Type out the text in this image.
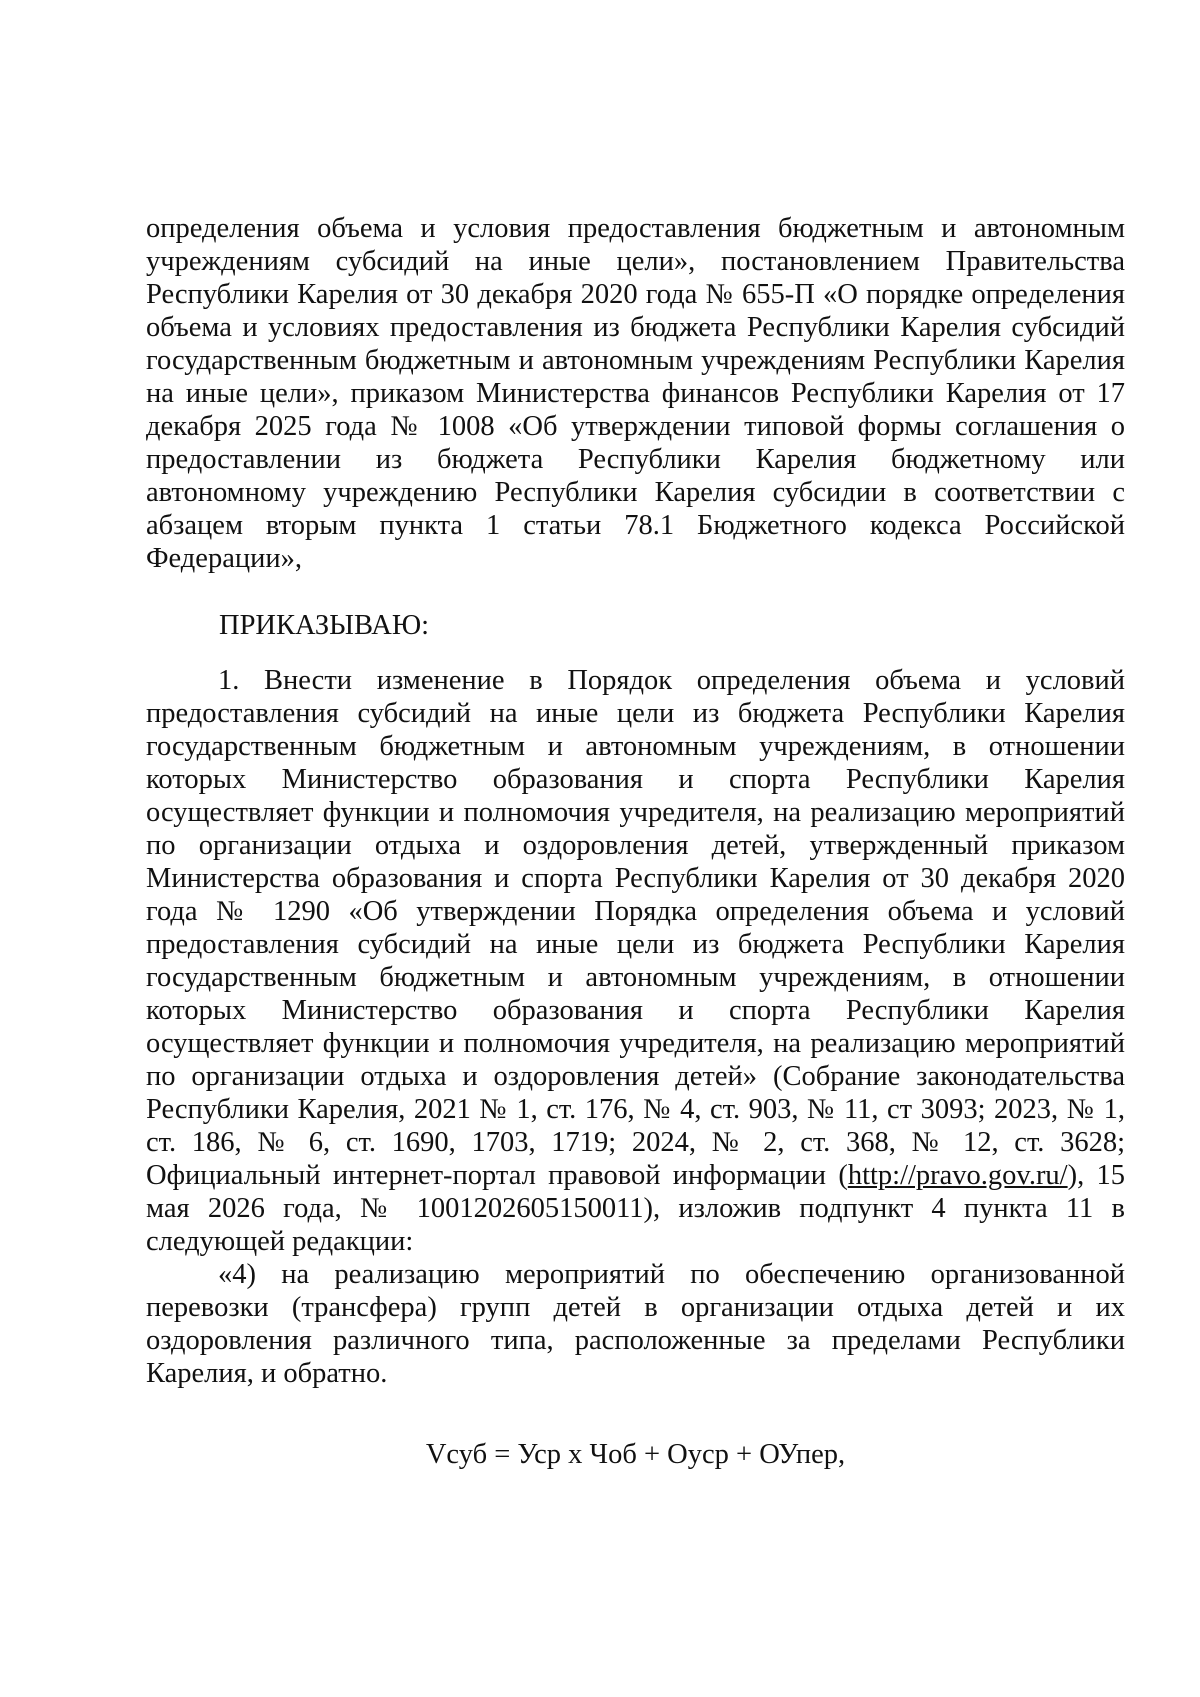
определения объема и условия предоставления бюджетным и автономным учреждениям субсидий на иные цели», постановлением Правительства Республики Карелия от 30 декабря 2020 года № 655-П «О порядке определения объема и условиях предоставления из бюджета Республики Карелия субсидий государственным бюджетным и автономным учреждениям Республики Карелия на иные цели», приказом Министерства финансов Республики Карелия от 17 декабря 2025 года № 1008 «Об утверждении типовой формы соглашения о предоставлении из бюджета Республики Карелия бюджетному или автономному учреждению Республики Карелия субсидии в соответствии с абзацем вторым пункта 1 статьи 78.1 Бюджетного кодекса Российской Федерации»,

ПРИКАЗЫВАЮ:

1. Внести изменение в Порядок определения объема и условий предоставления субсидий на иные цели из бюджета Республики Карелия государственным бюджетным и автономным учреждениям, в отношении которых Министерство образования и спорта Республики Карелия осуществляет функции и полномочия учредителя, на реализацию мероприятий по организации отдыха и оздоровления детей, утвержденный приказом Министерства образования и спорта Республики Карелия от 30 декабря 2020 года № 1290 «Об утверждении Порядка определения объема и условий предоставления субсидий на иные цели из бюджета Республики Карелия государственным бюджетным и автономным учреждениям, в отношении которых Министерство образования и спорта Республики Карелия осуществляет функции и полномочия учредителя, на реализацию мероприятий по организации отдыха и оздоровления детей» (Собрание законодательства Республики Карелия, 2021 № 1, ст. 176, № 4, ст. 903, № 11, ст 3093; 2023, № 1, ст. 186, № 6, ст. 1690, 1703, 1719; 2024, № 2, ст. 368, № 12, ст. 3628; Официальный интернет-портал правовой информации (http://pravo.gov.ru/), 15 мая 2026 года, № 1001202605150011), изложив подпункт 4 пункта 11 в следующей редакции:

«4) на реализацию мероприятий по обеспечению организованной перевозки (трансфера) групп детей в организации отдыха детей и их оздоровления различного типа, расположенные за пределами Республики Карелия, и обратно.

Vсуб = Усp x Чоб + Оуср + ОУпер,
